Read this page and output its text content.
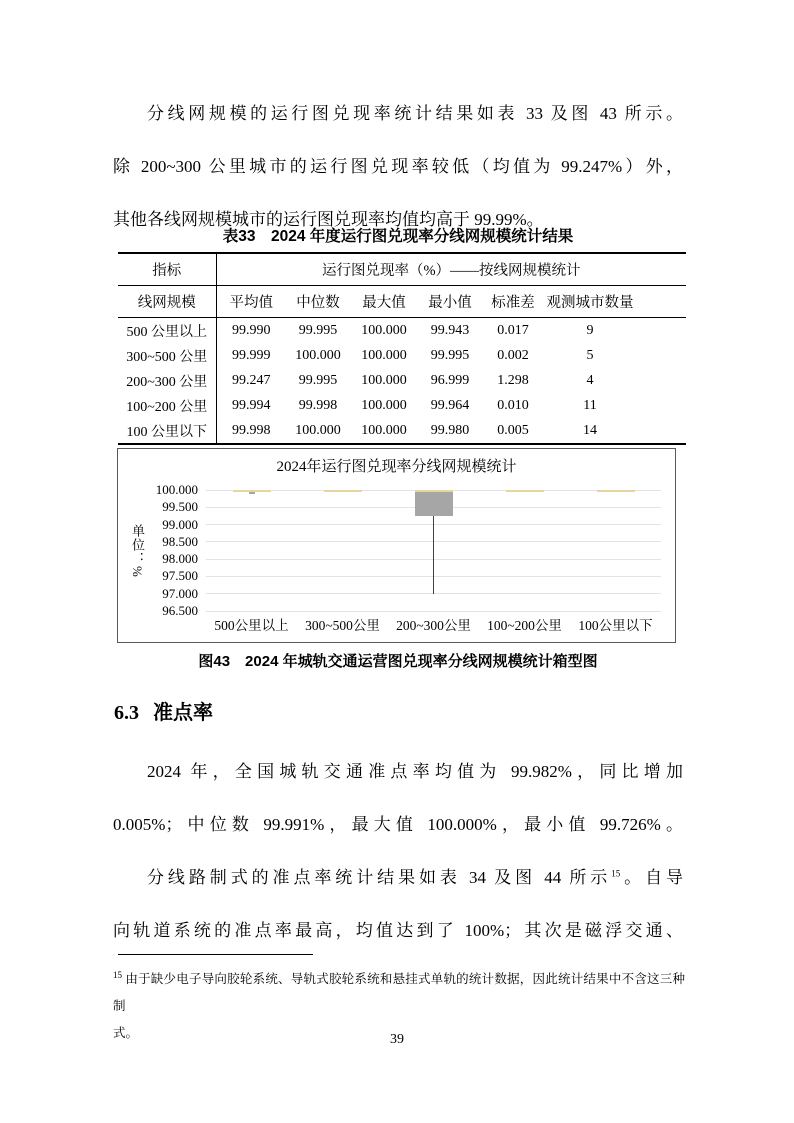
分线网规模的运行图兑现率统计结果如表 33 及图 43 所示。
除 200~300 公里城市的运行图兑现率较低（均值为 99.247%）外，
其他各线网规模城市的运行图兑现率均值均高于 99.99%。
表33　2024 年度运行图兑现率分线网规模统计结果
指标	运行图兑现率（%）——按线网规模统计					
线网规模	平均值	中位数	最大值	最小值	标准差	观测城市数量
500 公里以上	99.990	99.995	100.000	99.943	0.017	9
300~500 公里	99.999	100.000	100.000	99.995	0.002	5
200~300 公里	99.247	99.995	100.000	96.999	1.298	4
100~200 公里	99.994	99.998	100.000	99.964	0.010	11
100 公里以下	99.998	100.000	100.000	99.980	0.005	14
2024年运行图兑现率分线网规模统计
单位：%
100.000
99.500
99.000
98.500
98.000
97.500
97.000
96.500
500公里以上	300~500公里	200~300公里	100~200公里	100公里以下
图43　2024 年城轨交通运营图兑现率分线网规模统计箱型图
6.3 准点率
2024 年，全国城轨交通准点率均值为 99.982%，同比增加
0.005%；中位数 99.991%，最大值 100.000%，最小值 99.726%。
分线路制式的准点率统计结果如表 34 及图 44 所示$^{15}$。自导
向轨道系统的准点率最高，均值达到了 100%；其次是磁浮交通、
$^{15}$ 由于缺少电子导向胶轮系统、导轨式胶轮系统和悬挂式单轨的统计数据，因此统计结果中不含这三种制
式。	39
